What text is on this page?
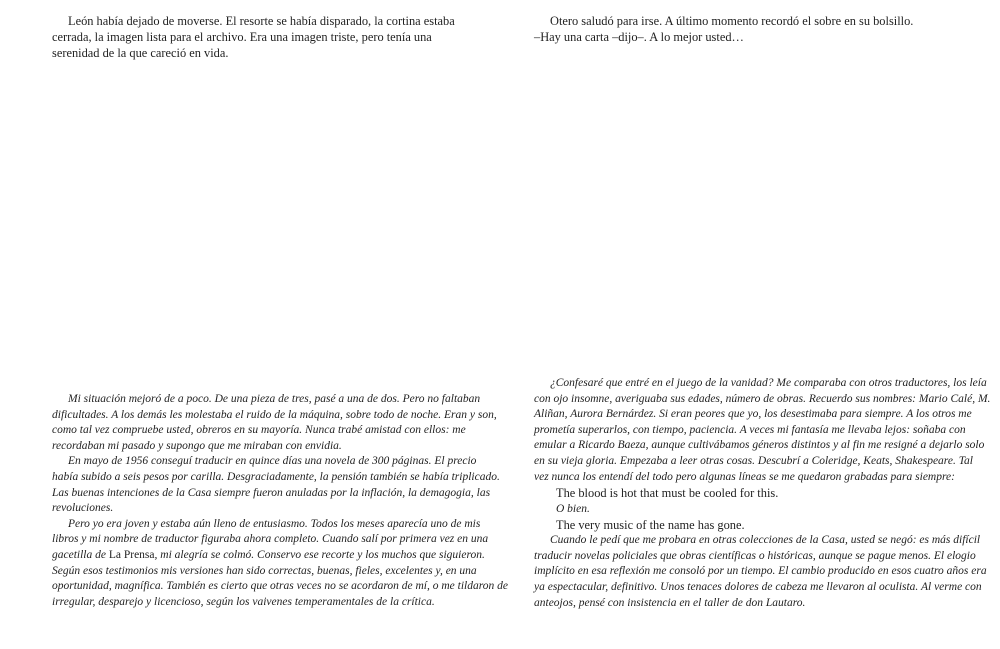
León había dejado de moverse. El resorte se había disparado, la cortina estaba
cerrada, la imagen lista para el archivo. Era una imagen triste, pero tenía una
serenidad de la que careció en vida.

Otero saludó para irse. A último momento recordó el sobre en su bolsillo.
–Hay una carta –dijo–. A lo mejor usted…

Mi situación mejoró de a poco. De una pieza de tres, pasé a una de dos. Pero no faltaban
dificultades. A los demás les molestaba el ruido de la máquina, sobre todo de noche. Eran y son,
como tal vez compruebe usted, obreros en su mayoría. Nunca trabé amistad con ellos: me
recordaban mi pasado y supongo que me miraban con envidia.

En mayo de 1956 conseguí traducir en quince días una novela de 300 páginas. El precio
había subido a seis pesos por carilla. Desgraciadamente, la pensión también se había triplicado.
Las buenas intenciones de la Casa siempre fueron anuladas por la inflación, la demagogia, las
revoluciones.

Pero yo era joven y estaba aún lleno de entusiasmo. Todos los meses aparecía uno de mis
libros y mi nombre de traductor figuraba ahora completo. Cuando salí por primera vez en una
gacetilla de La Prensa, mi alegría se colmó. Conservo ese recorte y los muchos que siguieron.
Según esos testimonios mis versiones han sido correctas, buenas, fieles, excelentes y, en una
oportunidad, magnífica. También es cierto que otras veces no se acordaron de mí, o me tildaron de
irregular, desparejo y licencioso, según los vaivenes temperamentales de la crítica.

¿Confesaré que entré en el juego de la vanidad? Me comparaba con otros traductores, los leía
con ojo insomne, averiguaba sus edades, número de obras. Recuerdo sus nombres: Mario Calé, M.
Aliñan, Aurora Bernárdez. Si eran peores que yo, los desestimaba para siempre. A los otros me
prometía superarlos, con tiempo, paciencia. A veces mi fantasía me llevaba lejos: soñaba con
emular a Ricardo Baeza, aunque cultivábamos géneros distintos y al fin me resigné a dejarlo solo
en su vieja gloria. Empezaba a leer otras cosas. Descubrí a Coleridge, Keats, Shakespeare. Tal
vez nunca los entendí del todo pero algunas líneas se me quedaron grabadas para siempre:

The blood is hot that must be cooled for this.

O bien.

The very music of the name has gone.

Cuando le pedí que me probara en otras colecciones de la Casa, usted se negó: es más difícil
traducir novelas policiales que obras científicas o históricas, aunque se pague menos. El elogio
implícito en esa reflexión me consoló por un tiempo. El cambio producido en esos cuatro años era
ya espectacular, definitivo. Unos tenaces dolores de cabeza me llevaron al oculista. Al verme con
anteojos, pensé con insistencia en el taller de don Lautaro.
